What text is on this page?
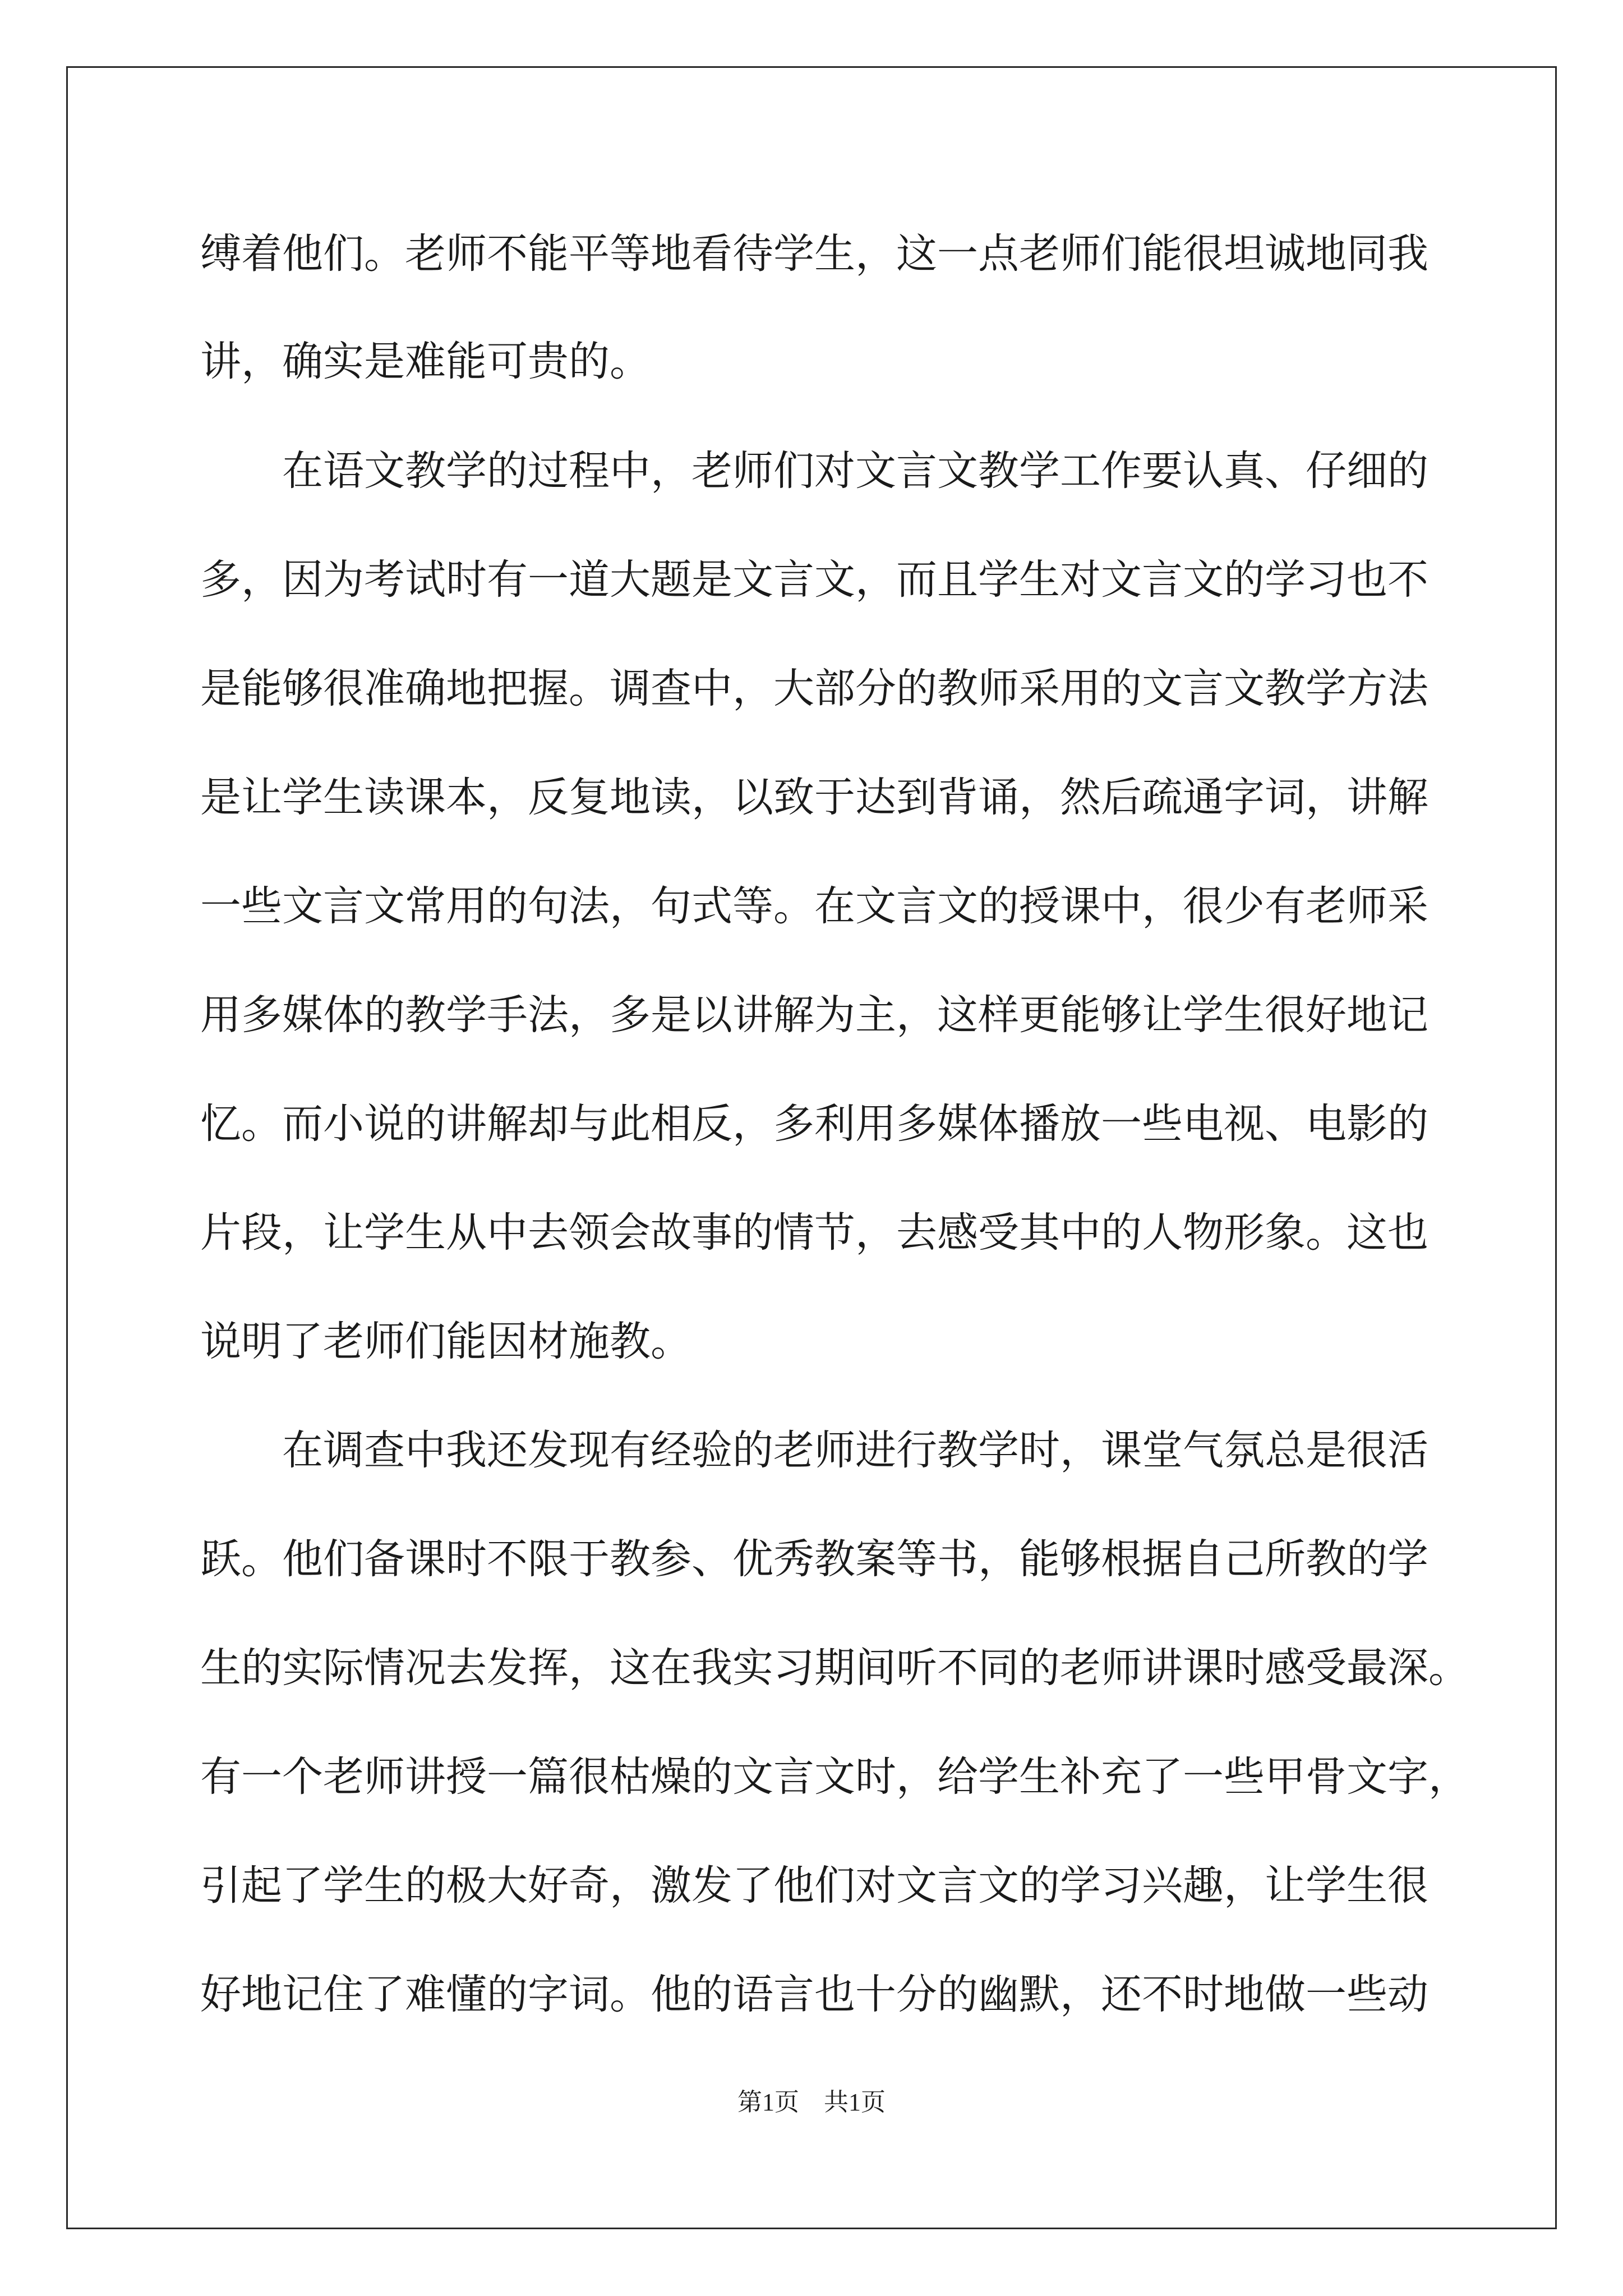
缚着他们。老师不能平等地看待学生，这一点老师们能很坦诚地同我
讲，确实是难能可贵的。
　　在语文教学的过程中，老师们对文言文教学工作要认真、仔细的
多，因为考试时有一道大题是文言文，而且学生对文言文的学习也不
是能够很准确地把握。调查中，大部分的教师采用的文言文教学方法
是让学生读课本，反复地读，以致于达到背诵，然后疏通字词，讲解
一些文言文常用的句法，句式等。在文言文的授课中，很少有老师采
用多媒体的教学手法，多是以讲解为主，这样更能够让学生很好地记
忆。而小说的讲解却与此相反，多利用多媒体播放一些电视、电影的
片段，让学生从中去领会故事的情节，去感受其中的人物形象。这也
说明了老师们能因材施教。
　　在调查中我还发现有经验的老师进行教学时，课堂气氛总是很活
跃。他们备课时不限于教参、优秀教案等书，能够根据自己所教的学
生的实际情况去发挥，这在我实习期间听不同的老师讲课时感受最深。
有一个老师讲授一篇很枯燥的文言文时，给学生补充了一些甲骨文字，
引起了学生的极大好奇，激发了他们对文言文的学习兴趣，让学生很
好地记住了难懂的字词。他的语言也十分的幽默，还不时地做一些动
第1页　共1页
